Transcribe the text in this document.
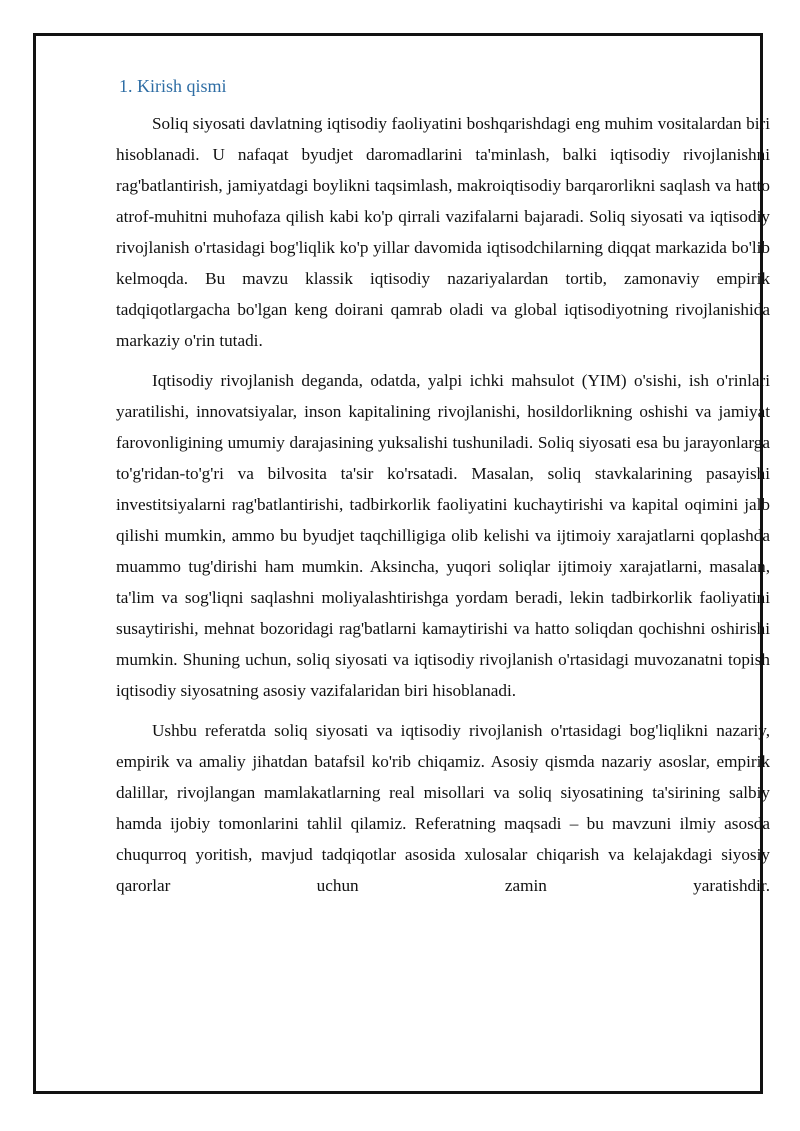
1. Kirish qismi

Soliq siyosati davlatning iqtisodiy faoliyatini boshqarishdagi eng muhim vositalardan biri hisoblanadi. U nafaqat byudjet daromadlarini ta'minlash, balki iqtisodiy rivojlanishni rag'batlantirish, jamiyatdagi boylikni taqsimlash, makroiqtisodiy barqarorlikni saqlash va hatto atrof-muhitni muhofaza qilish kabi ko'p qirrali vazifalarni bajaradi. Soliq siyosati va iqtisodiy rivojlanish o'rtasidagi bog'liqlik ko'p yillar davomida iqtisodchilarning diqqat markazida bo'lib kelmoqda. Bu mavzu klassik iqtisodiy nazariyalardan tortib, zamonaviy empirik tadqiqotlargacha bo'lgan keng doirani qamrab oladi va global iqtisodiyotning rivojlanishida markaziy o'rin tutadi.

Iqtisodiy rivojlanish deganda, odatda, yalpi ichki mahsulot (YIM) o'sishi, ish o'rinlari yaratilishi, innovatsiyalar, inson kapitalining rivojlanishi, hosildorlikning oshishi va jamiyat farovonligining umumiy darajasining yuksalishi tushuniladi. Soliq siyosati esa bu jarayonlarga to'g'ridan-to'g'ri va bilvosita ta'sir ko'rsatadi. Masalan, soliq stavkalarining pasayishi investitsiyalarni rag'batlantirishi, tadbirkorlik faoliyatini kuchaytirishi va kapital oqimini jalb qilishi mumkin, ammo bu byudjet taqchilligiga olib kelishi va ijtimoiy xarajatlarni qoplashda muammo tug'dirishi ham mumkin. Aksincha, yuqori soliqlar ijtimoiy xarajatlarni, masalan, ta'lim va sog'liqni saqlashni moliyalashtirishga yordam beradi, lekin tadbirkorlik faoliyatini susaytirishi, mehnat bozoridagi rag'batlarni kamaytirishi va hatto soliqdan qochishni oshirishi mumkin. Shuning uchun, soliq siyosati va iqtisodiy rivojlanish o'rtasidagi muvozanatni topish iqtisodiy siyosatning asosiy vazifalaridan biri hisoblanadi.

Ushbu referatda soliq siyosati va iqtisodiy rivojlanish o'rtasidagi bog'liqlikni nazariy, empirik va amaliy jihatdan batafsil ko'rib chiqamiz. Asosiy qismda nazariy asoslar, empirik dalillar, rivojlangan mamlakatlarning real misollari va soliq siyosatining ta'sirining salbiy hamda ijobiy tomonlarini tahlil qilamiz. Referatning maqsadi – bu mavzuni ilmiy asosda chuqurroq yoritish, mavjud tadqiqotlar asosida xulosalar chiqarish va kelajakdagi siyosiy qarorlar uchun zamin yaratishdir.
